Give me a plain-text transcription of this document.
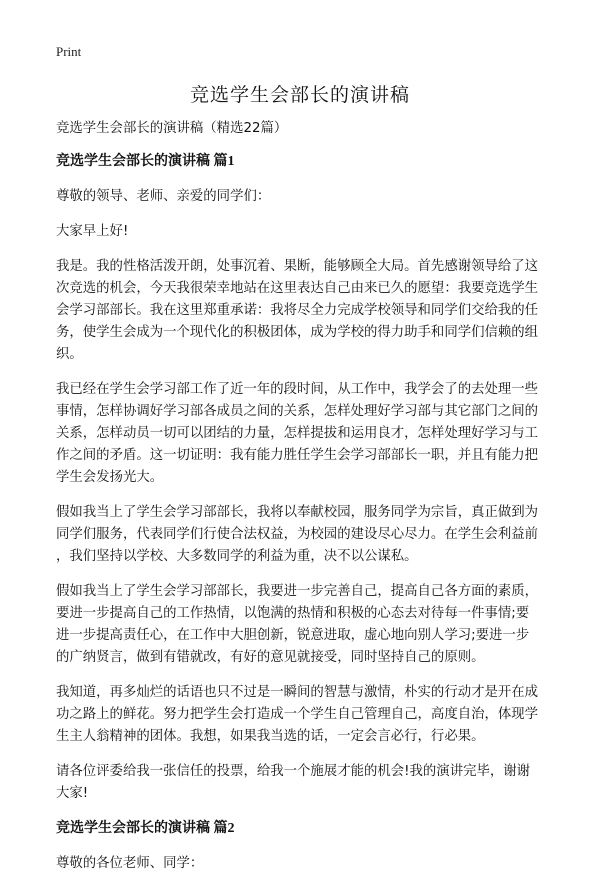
Print
竞选学生会部长的演讲稿

竞选学生会部长的演讲稿（精选22篇）

竞选学生会部长的演讲稿 篇1

尊敬的领导、老师、亲爱的同学们：

大家早上好!

我是。我的性格活泼开朗，处事沉着、果断，能够顾全大局。首先感谢领导给了这

次竞选的机会，今天我很荣幸地站在这里表达自己由来已久的愿望：我要竞选学生

会学习部部长。我在这里郑重承诺：我将尽全力完成学校领导和同学们交给我的任

务，使学生会成为一个现代化的积极团体，成为学校的得力助手和同学们信赖的组

织。

我已经在学生会学习部工作了近一年的段时间，从工作中，我学会了的去处理一些

事情，怎样协调好学习部各成员之间的关系，怎样处理好学习部与其它部门之间的

关系，怎样动员一切可以团结的力量，怎样提拔和运用良才，怎样处理好学习与工

作之间的矛盾。这一切证明：我有能力胜任学生会学习部部长一职，并且有能力把

学生会发扬光大。

假如我当上了学生会学习部部长，我将以奉献校园，服务同学为宗旨，真正做到为

同学们服务，代表同学们行使合法权益，为校园的建设尽心尽力。在学生会利益前

，我们坚持以学校、大多数同学的利益为重，决不以公谋私。

假如我当上了学生会学习部部长，我要进一步完善自己，提高自己各方面的素质，

要进一步提高自己的工作热情，以饱满的热情和积极的心态去对待每一件事情;要

进一步提高责任心，在工作中大胆创新，锐意进取，虚心地向别人学习;要进一步

的广纳贤言，做到有错就改，有好的意见就接受，同时坚持自己的原则。

我知道，再多灿烂的话语也只不过是一瞬间的智慧与激情，朴实的行动才是开在成

功之路上的鲜花。努力把学生会打造成一个学生自己管理自己，高度自治，体现学

生主人翁精神的团体。我想，如果我当选的话，一定会言必行，行必果。

请各位评委给我一张信任的投票，给我一个施展才能的机会!我的演讲完毕，谢谢

大家!

竞选学生会部长的演讲稿 篇2

尊敬的各位老师、同学：
